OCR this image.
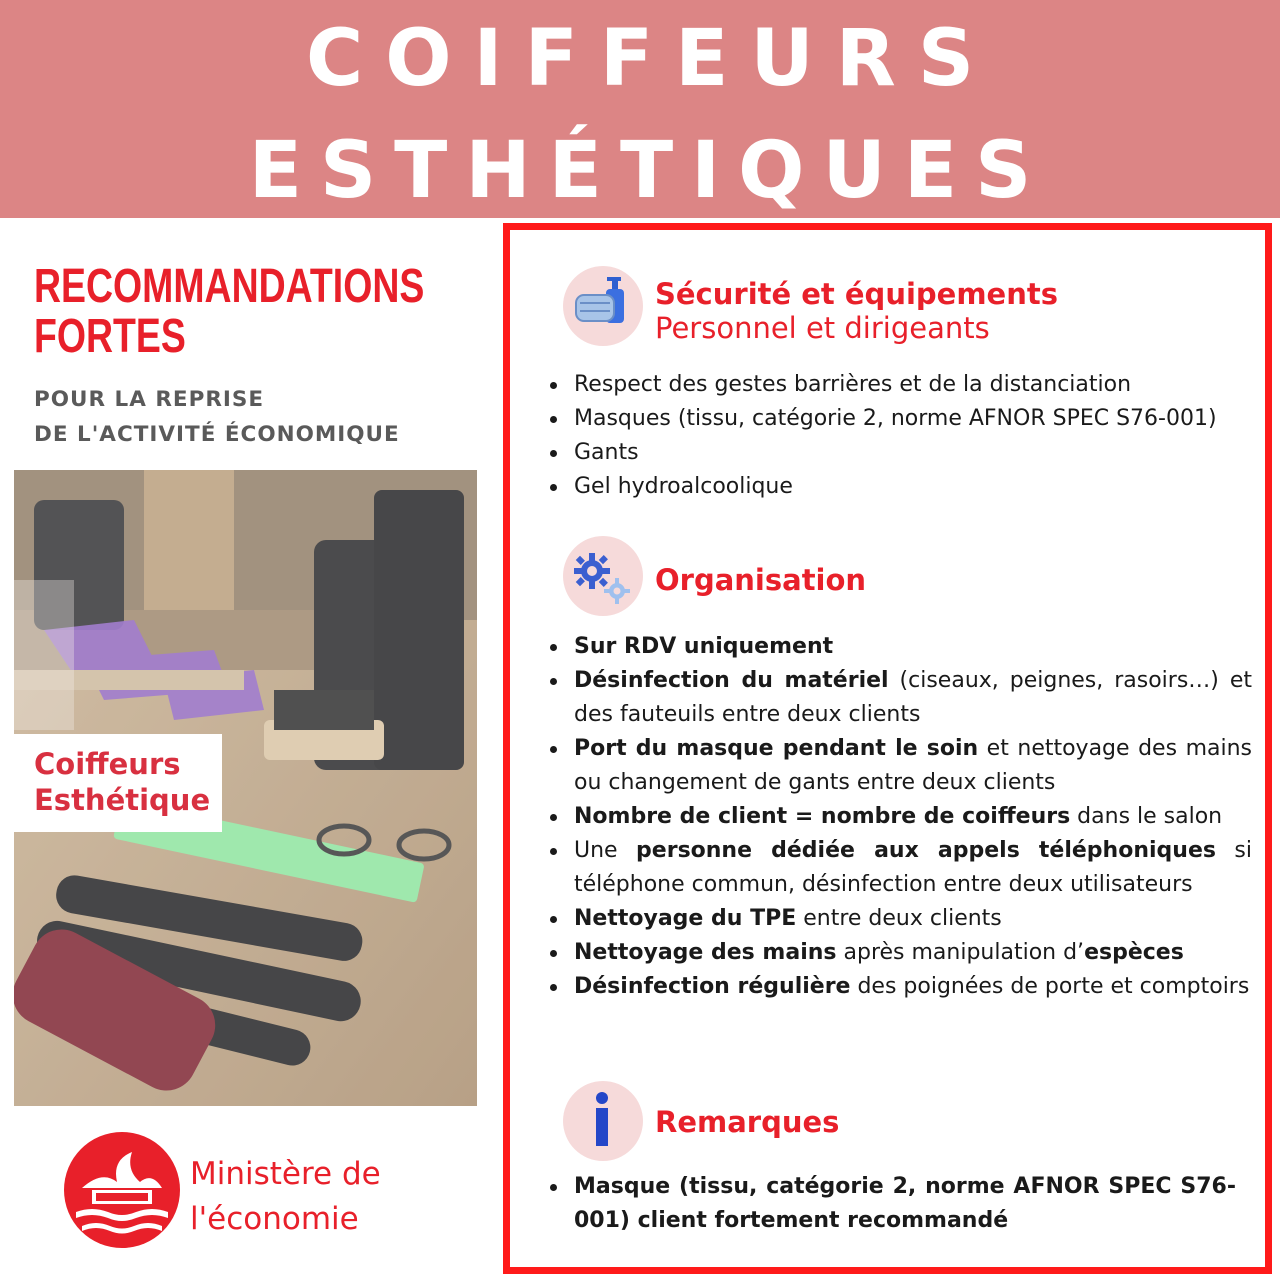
COIFFEURS
ESTHÉTIQUES
RECOMMANDATIONS
FORTES
POUR LA REPRISE
DE L'ACTIVITÉ ÉCONOMIQUE
Coiffeurs
Esthétique
Ministère de
l'économie
Sécurité et équipements
Personnel et dirigeants
Respect des gestes barrières et de la distanciation
Masques (tissu, catégorie 2, norme AFNOR SPEC S76-001)
Gants
Gel hydroalcoolique
Organisation
Sur RDV uniquement
Désinfection du matériel (ciseaux, peignes, rasoirs…) et des fauteuils entre deux clients
Port du masque pendant le soin et nettoyage des mains ou changement de gants entre deux clients
Nombre de client = nombre de coiffeurs dans le salon
Une personne dédiée aux appels téléphoniques si téléphone commun, désinfection entre deux utilisateurs
Nettoyage du TPE entre deux clients
Nettoyage des mains après manipulation d’espèces
Désinfection régulière des poignées de porte et comptoirs
Remarques
Masque (tissu, catégorie 2, norme AFNOR SPEC S76-001) client fortement recommandé
